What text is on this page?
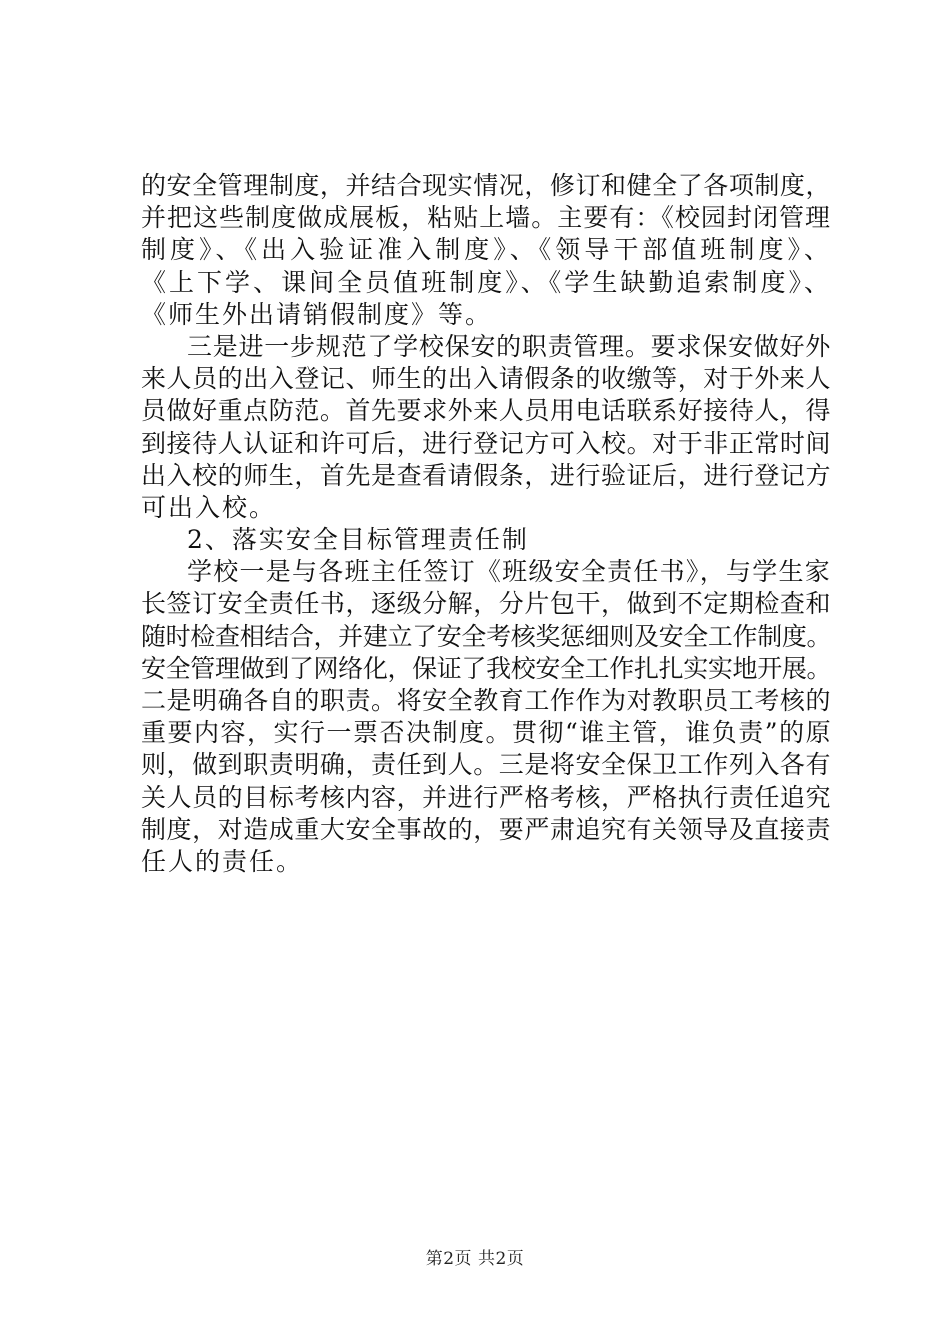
的安全管理制度，并结合现实情况，修订和健全了各项制度，
并把这些制度做成展板，粘贴上墙。主要有：《校园封闭管理
制度》、《出入验证准入制度》、《领导干部值班制度》、
《上下学、课间全员值班制度》、《学生缺勤追索制度》、
《师生外出请销假制度》等。
三是进一步规范了学校保安的职责管理。要求保安做好外
来人员的出入登记、师生的出入请假条的收缴等，对于外来人
员做好重点防范。首先要求外来人员用电话联系好接待人，得
到接待人认证和许可后，进行登记方可入校。对于非正常时间
出入校的师生，首先是查看请假条，进行验证后，进行登记方
可出入校。
2、落实安全目标管理责任制
学校一是与各班主任签订《班级安全责任书》，与学生家
长签订安全责任书，逐级分解，分片包干，做到不定期检查和
随时检查相结合，并建立了安全考核奖惩细则及安全工作制度。
安全管理做到了网络化，保证了我校安全工作扎扎实实地开展。
二是明确各自的职责。将安全教育工作作为对教职员工考核的
重要内容，实行一票否决制度。贯彻“谁主管，谁负责”的原
则，做到职责明确，责任到人。三是将安全保卫工作列入各有
关人员的目标考核内容，并进行严格考核，严格执行责任追究
制度，对造成重大安全事故的，要严肃追究有关领导及直接责
任人的责任。
第2页 共2页
